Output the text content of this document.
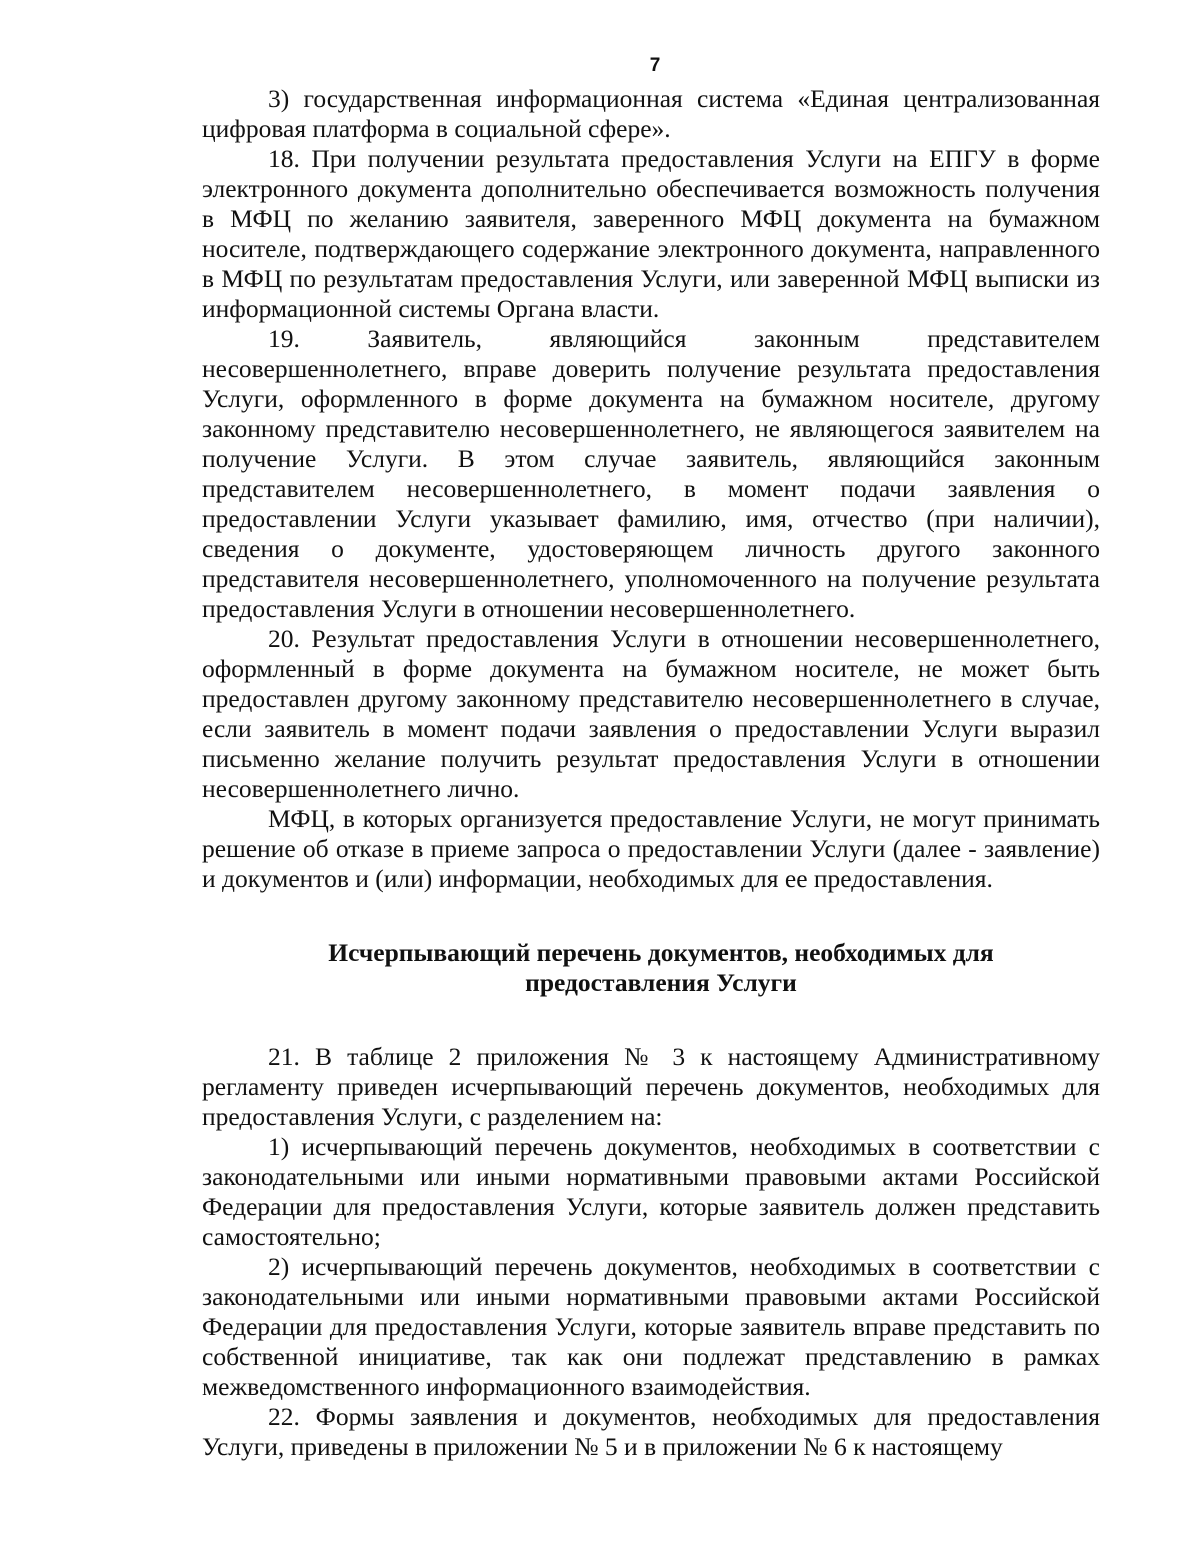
7

3) государственная информационная система «Единая централизованная цифровая платформа в социальной сфере».

18. При получении результата предоставления Услуги на ЕПГУ в форме электронного документа дополнительно обеспечивается возможность получения в МФЦ по желанию заявителя, заверенного МФЦ документа на бумажном носителе, подтверждающего содержание электронного документа, направленного в МФЦ по результатам предоставления Услуги, или заверенной МФЦ выписки из информационной системы Органа власти.

19. Заявитель, являющийся законным представителем несовершеннолетнего, вправе доверить получение результата предоставления Услуги, оформленного в форме документа на бумажном носителе, другому законному представителю несовершеннолетнего, не являющегося заявителем на получение Услуги. В этом случае заявитель, являющийся законным представителем несовершеннолетнего, в момент подачи заявления о предоставлении Услуги указывает фамилию, имя, отчество (при наличии), сведения о документе, удостоверяющем личность другого законного представителя несовершеннолетнего, уполномоченного на получение результата предоставления Услуги в отношении несовершеннолетнего.

20. Результат предоставления Услуги в отношении несовершеннолетнего, оформленный в форме документа на бумажном носителе, не может быть предоставлен другому законному представителю несовершеннолетнего в случае, если заявитель в момент подачи заявления о предоставлении Услуги выразил письменно желание получить результат предоставления Услуги в отношении несовершеннолетнего лично.

МФЦ, в которых организуется предоставление Услуги, не могут принимать решение об отказе в приеме запроса о предоставлении Услуги (далее - заявление) и документов и (или) информации, необходимых для ее предоставления.

Исчерпывающий перечень документов, необходимых для предоставления Услуги

21. В таблице 2 приложения № 3 к настоящему Административному регламенту приведен исчерпывающий перечень документов, необходимых для предоставления Услуги, с разделением на:

1) исчерпывающий перечень документов, необходимых в соответствии с законодательными или иными нормативными правовыми актами Российской Федерации для предоставления Услуги, которые заявитель должен представить самостоятельно;

2) исчерпывающий перечень документов, необходимых в соответствии с законодательными или иными нормативными правовыми актами Российской Федерации для предоставления Услуги, которые заявитель вправе представить по собственной инициативе, так как они подлежат представлению в рамках межведомственного информационного взаимодействия.

22. Формы заявления и документов, необходимых для предоставления Услуги, приведены в приложении № 5 и в приложении № 6 к настоящему
